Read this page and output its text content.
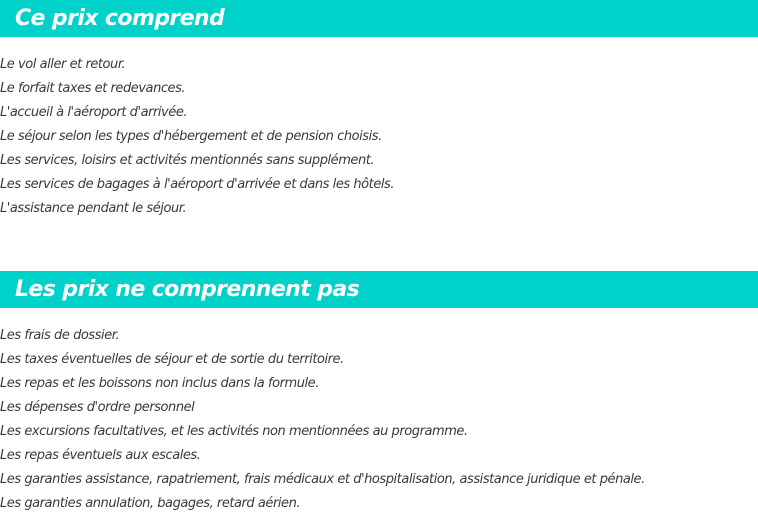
Ce prix comprend
Le vol aller et retour.
Le forfait taxes et redevances.
L'accueil à l'aéroport d'arrivée.
Le séjour selon les types d'hébergement et de pension choisis.
Les services, loisirs et activités mentionnés sans supplément.
Les services de bagages à l'aéroport d'arrivée et dans les hôtels.
L'assistance pendant le séjour.
Les prix ne comprennent pas
Les frais de dossier.
Les taxes éventuelles de séjour et de sortie du territoire.
Les repas et les boissons non inclus dans la formule.
Les dépenses d'ordre personnel
Les excursions facultatives, et les activités non mentionnées au programme.
Les repas éventuels aux escales.
Les garanties assistance, rapatriement, frais médicaux et d'hospitalisation, assistance juridique et pénale.
Les garanties annulation, bagages, retard aérien.
